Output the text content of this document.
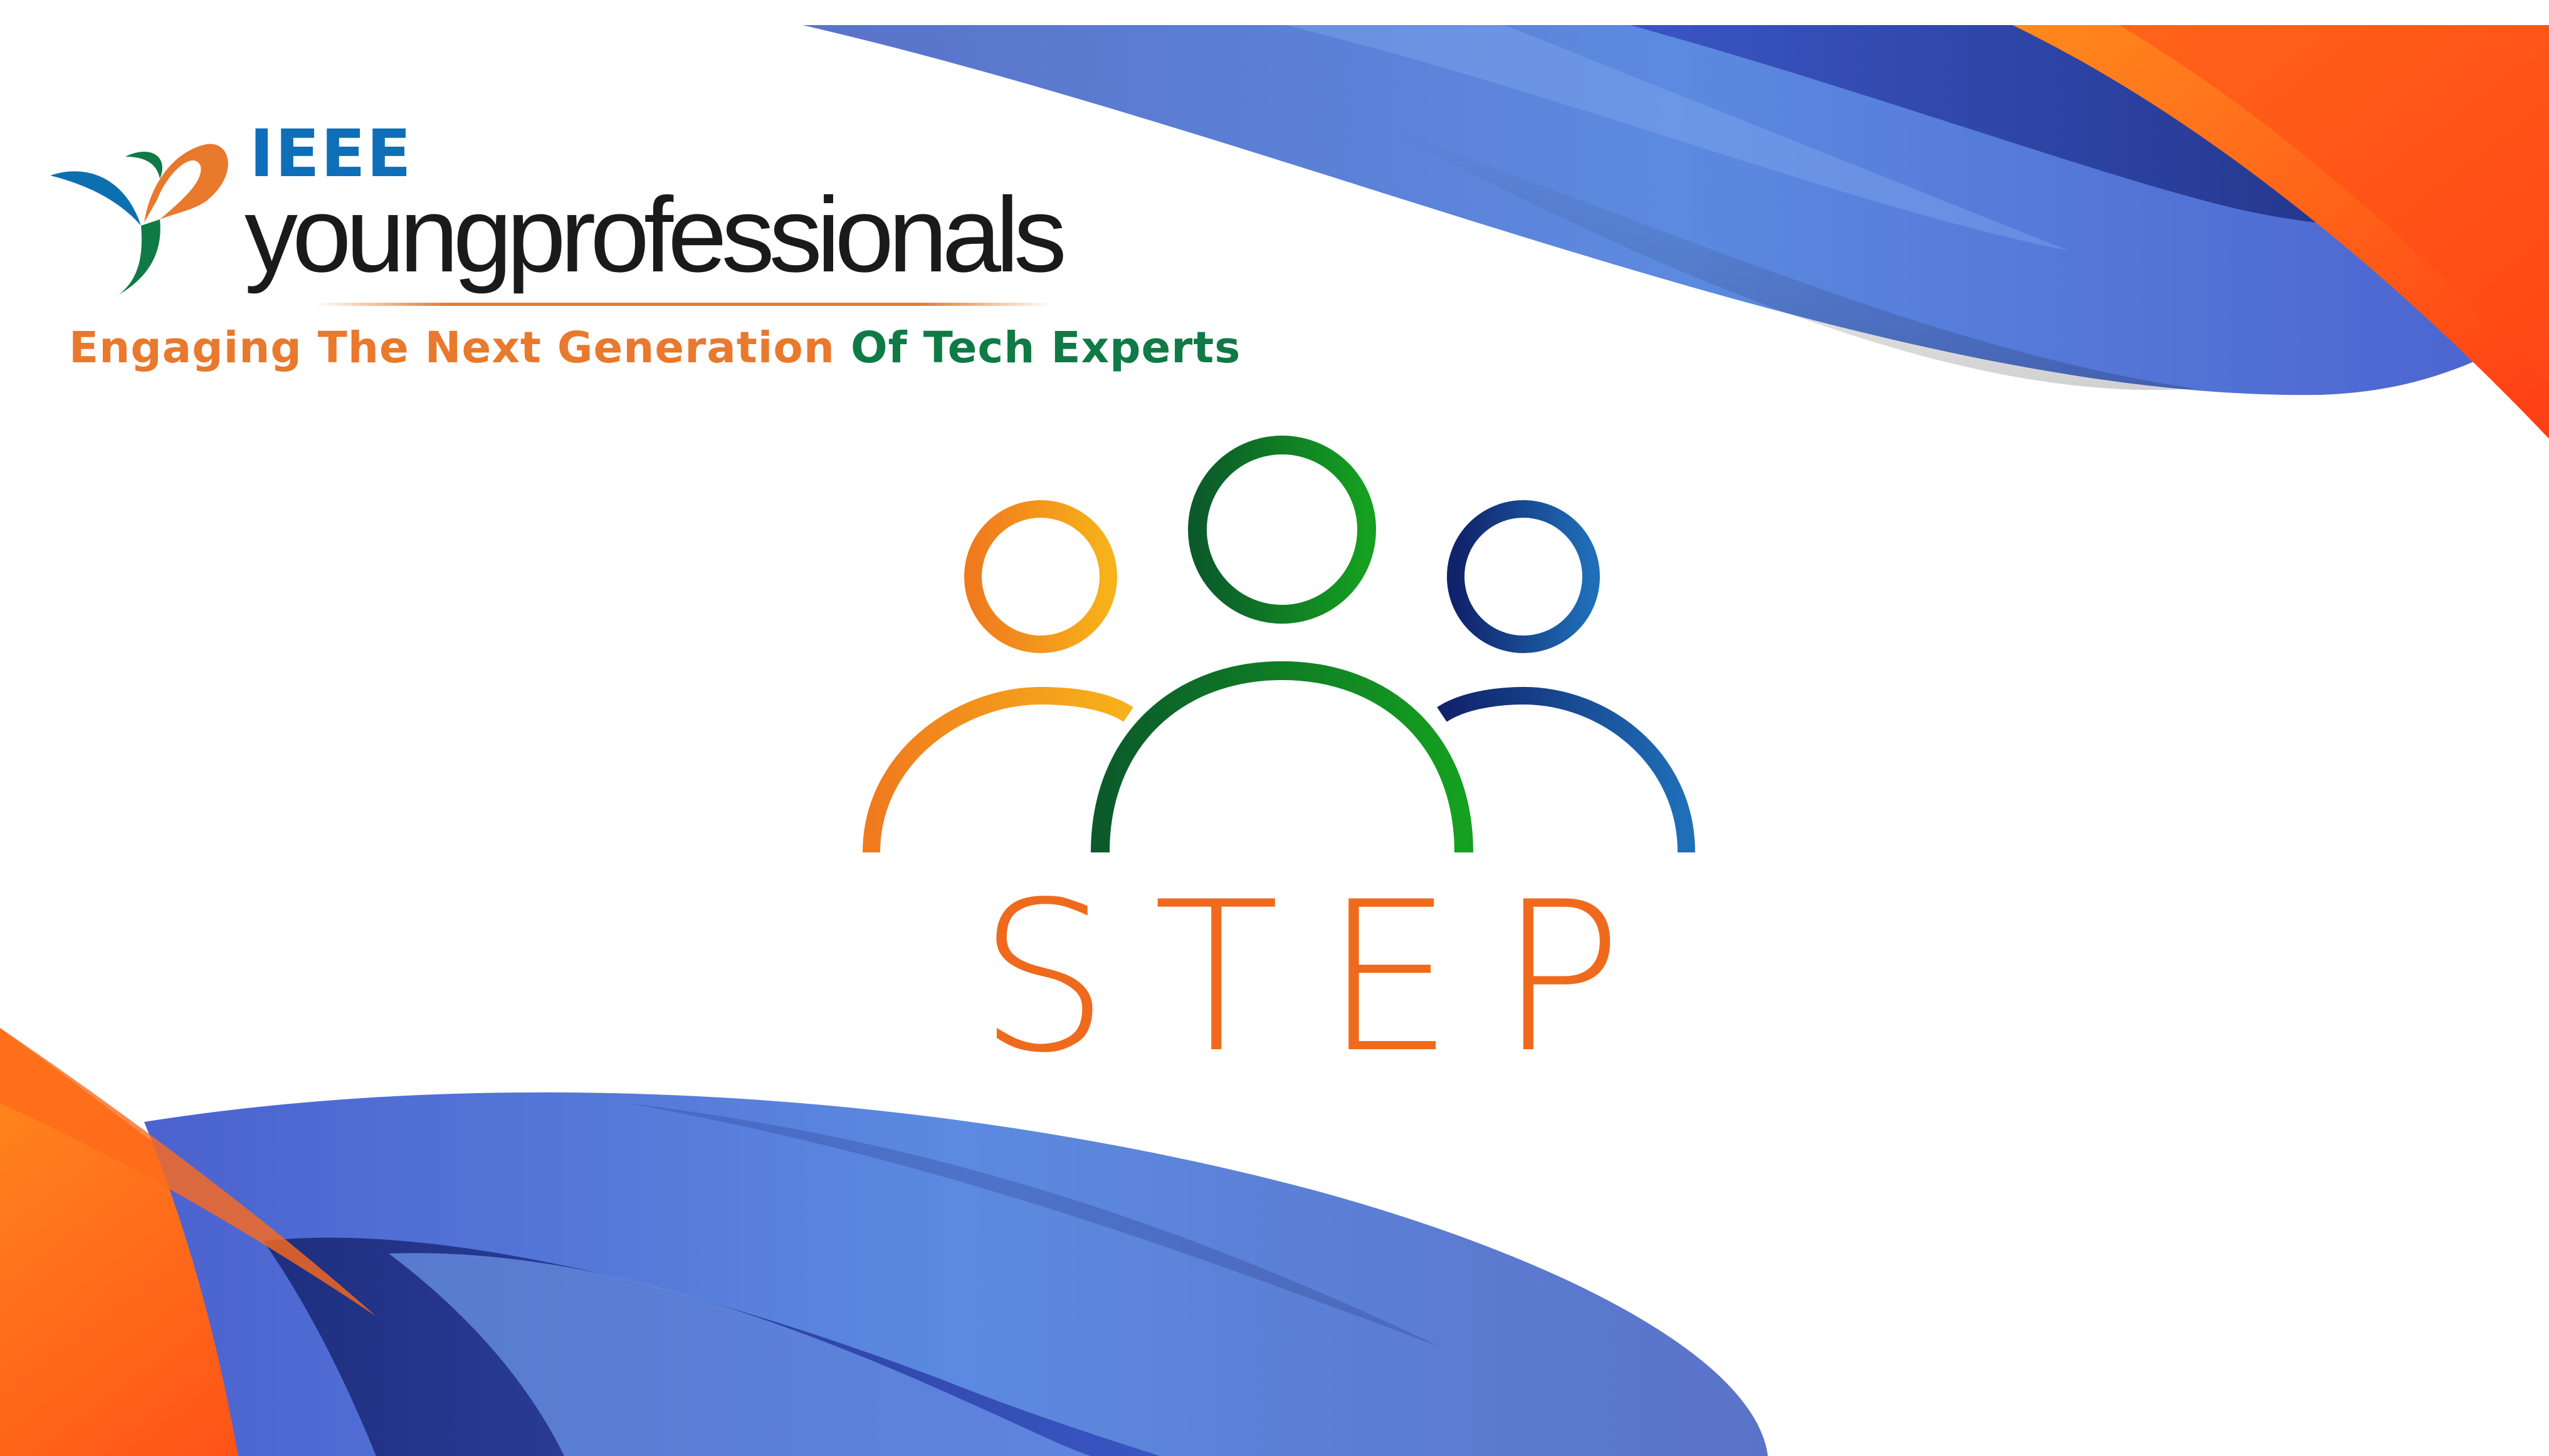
IEEE
youngprofessionals
Engaging The Next Generation Of Tech Experts
STEP
